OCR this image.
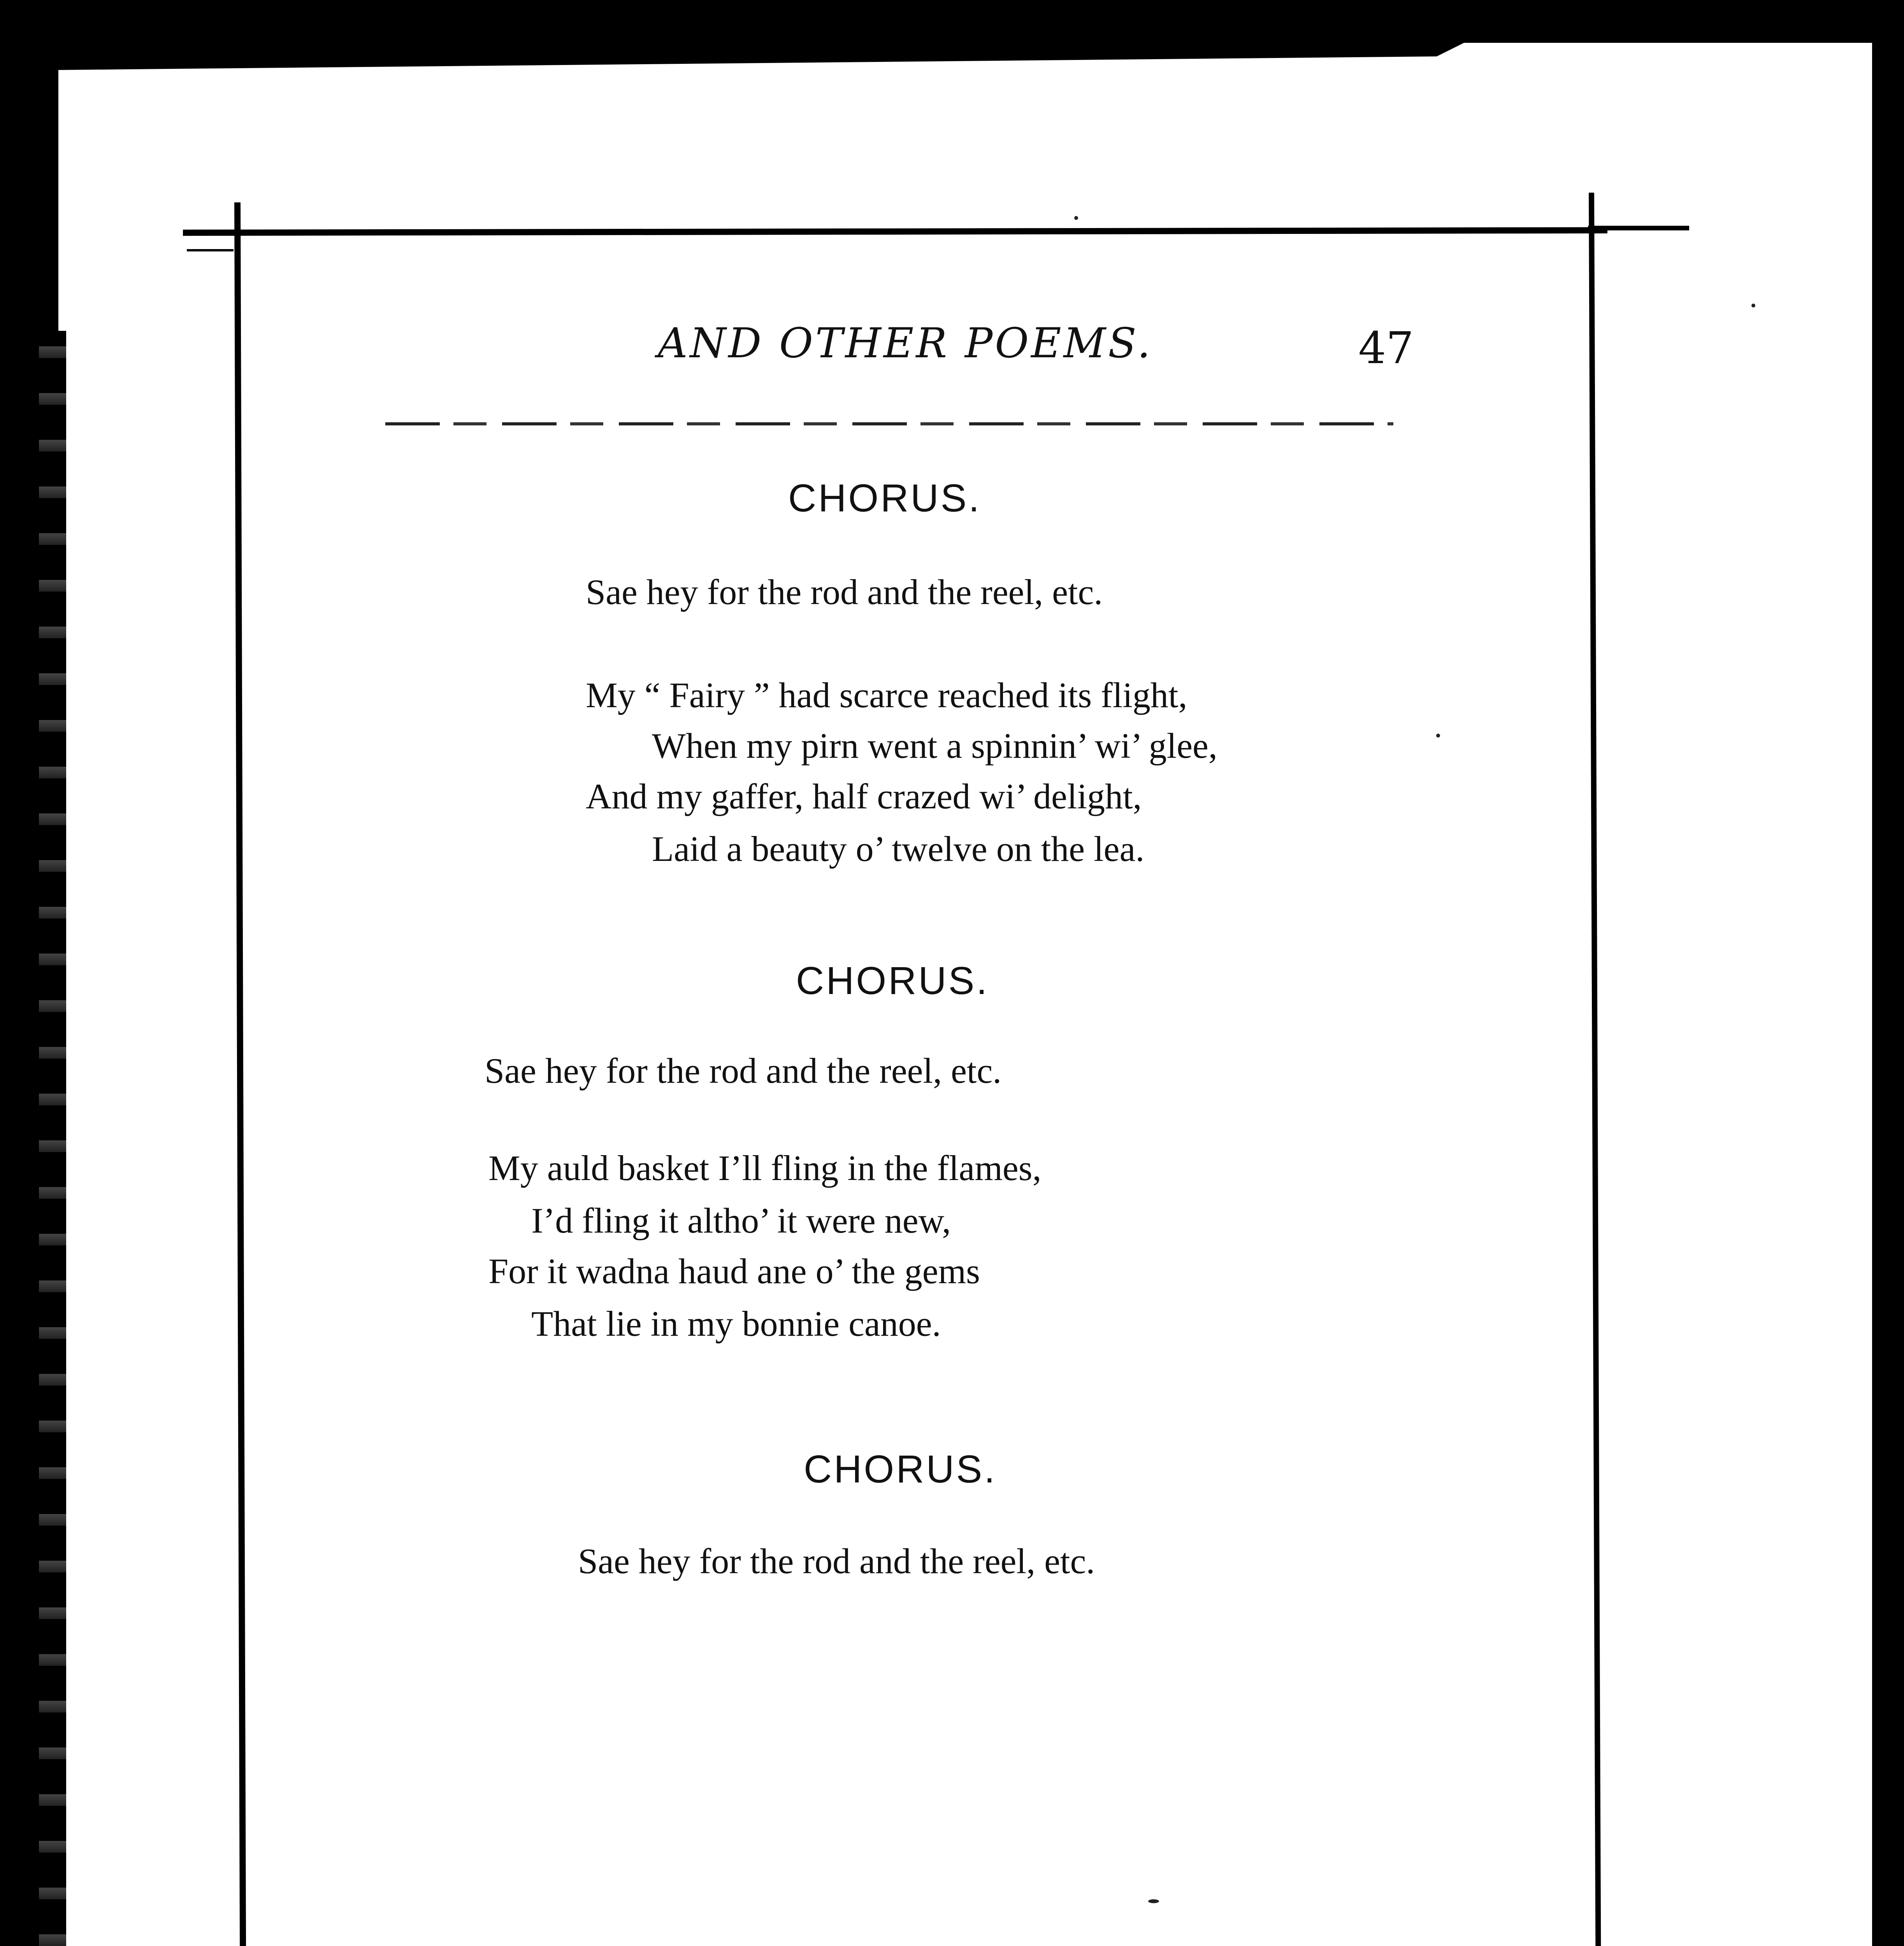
AND OTHER POEMS.	47
CHORUS.
Sae hey for the rod and the reel, etc.
My “ Fairy ” had scarce reached its flight,
When my pirn went a spinnin’ wi’ glee,
And my gaffer, half crazed wi’ delight,
Laid a beauty o’ twelve on the lea.
CHORUS.
Sae hey for the rod and the reel, etc.
My auld basket I’ll fling in the flames,
I’d fling it altho’ it were new,
For it wadna haud ane o’ the gems
That lie in my bonnie canoe.
CHORUS.
Sae hey for the rod and the reel, etc.
